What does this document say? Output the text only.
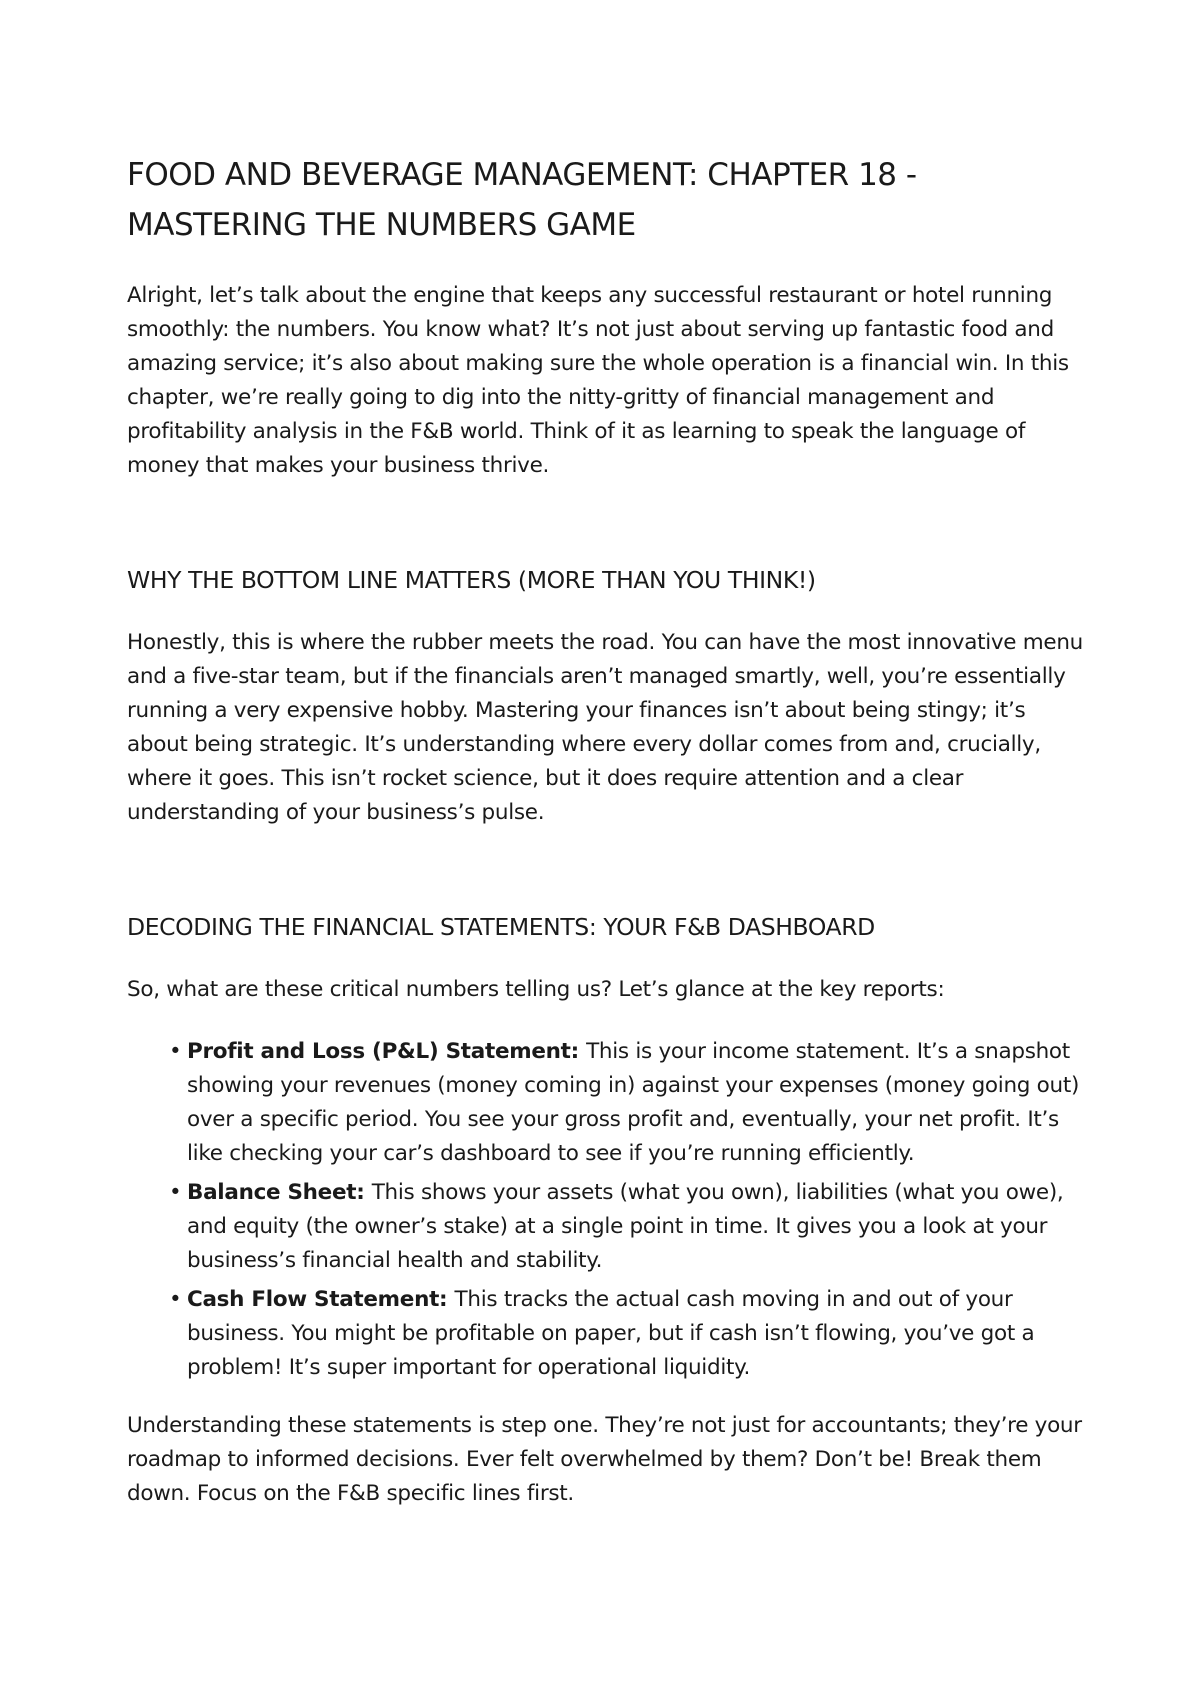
FOOD AND BEVERAGE MANAGEMENT: CHAPTER 18 - MASTERING THE NUMBERS GAME

Alright, let’s talk about the engine that keeps any successful restaurant or hotel running smoothly: the numbers. You know what? It’s not just about serving up fantastic food and amazing service; it’s also about making sure the whole operation is a financial win. In this chapter, we’re really going to dig into the nitty-gritty of financial management and profitability analysis in the F&B world. Think of it as learning to speak the language of money that makes your business thrive.

WHY THE BOTTOM LINE MATTERS (MORE THAN YOU THINK!)

Honestly, this is where the rubber meets the road. You can have the most innovative menu and a five-star team, but if the financials aren’t managed smartly, well, you’re essentially running a very expensive hobby. Mastering your finances isn’t about being stingy; it’s about being strategic. It’s understanding where every dollar comes from and, crucially, where it goes. This isn’t rocket science, but it does require attention and a clear understanding of your business’s pulse.

DECODING THE FINANCIAL STATEMENTS: YOUR F&B DASHBOARD

So, what are these critical numbers telling us? Let’s glance at the key reports:

• Profit and Loss (P&L) Statement: This is your income statement. It’s a snapshot showing your revenues (money coming in) against your expenses (money going out) over a specific period. You see your gross profit and, eventually, your net profit. It’s like checking your car’s dashboard to see if you’re running efficiently.
• Balance Sheet: This shows your assets (what you own), liabilities (what you owe), and equity (the owner’s stake) at a single point in time. It gives you a look at your business’s financial health and stability.
• Cash Flow Statement: This tracks the actual cash moving in and out of your business. You might be profitable on paper, but if cash isn’t flowing, you’ve got a problem! It’s super important for operational liquidity.

Understanding these statements is step one. They’re not just for accountants; they’re your roadmap to informed decisions. Ever felt overwhelmed by them? Don’t be! Break them down. Focus on the F&B specific lines first.
